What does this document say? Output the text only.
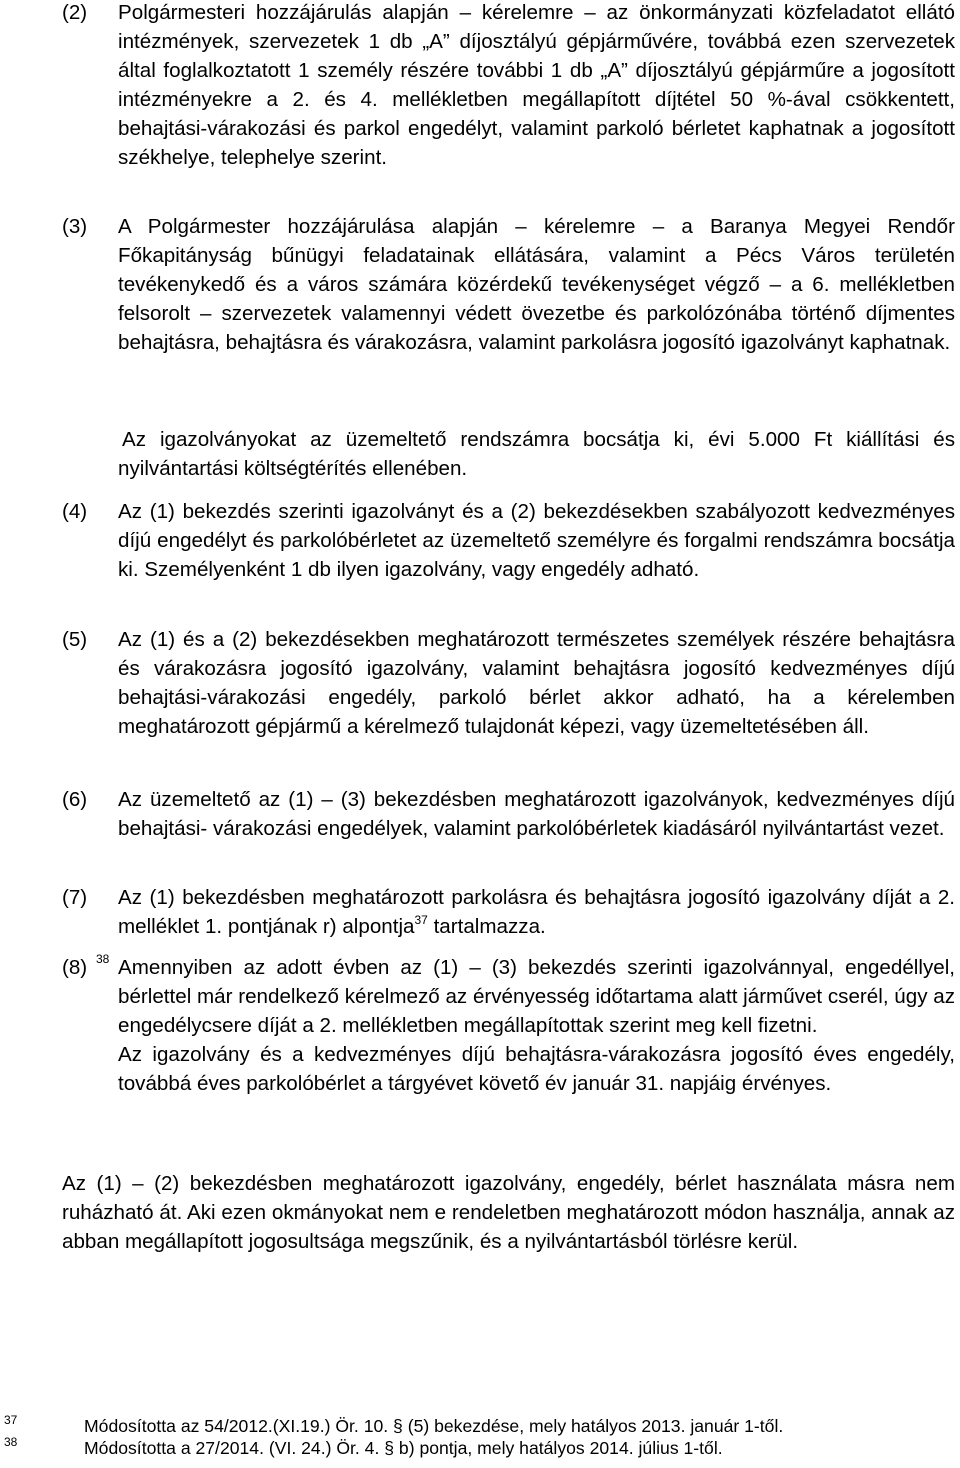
(2) Polgármesteri hozzájárulás alapján – kérelemre – az önkormányzati közfeladatot ellátó intézmények, szervezetek 1 db „A” díjosztályú gépjárművére, továbbá ezen szervezetek által foglalkoztatott 1 személy részére további 1 db „A” díjosztályú gépjárműre a jogosított intézményekre a 2. és 4. mellékletben megállapított díjtétel 50 %-ával csökkentett, behajtási-várakozási és parkol engedélyt, valamint parkoló bérletet kaphatnak a jogosított székhelye, telephelye szerint.
(3) A Polgármester hozzájárulása alapján – kérelemre – a Baranya Megyei Rendőr Főkapitányság bűnügyi feladatainak ellátására, valamint a Pécs Város területén tevékenykedő és a város számára közérdekű tevékenységet végző – a 6. mellékletben felsorolt – szervezetek valamennyi védett övezetbe és parkolózónába történő díjmentes behajtásra, behajtásra és várakozásra, valamint parkolásra jogosító igazolványt kaphatnak.
Az igazolványokat az üzemeltető rendszámra bocsátja ki, évi 5.000 Ft kiállítási és nyilvántartási költségtérítés ellenében.
(4) Az (1) bekezdés szerinti igazolványt és a (2) bekezdésekben szabályozott kedvezményes díjú engedélyt és parkolóbérletet az üzemeltető személyre és forgalmi rendszámra bocsátja ki. Személyenként 1 db ilyen igazolvány, vagy engedély adható.
(5) Az (1) és a (2) bekezdésekben meghatározott természetes személyek részére behajtásra és várakozásra jogosító igazolvány, valamint behajtásra jogosító kedvezményes díjú behajtási-várakozási engedély, parkoló bérlet akkor adható, ha a kérelemben meghatározott gépjármű a kérelmező tulajdonát képezi, vagy üzemeltetésében áll.
(6) Az üzemeltető az (1) – (3) bekezdésben meghatározott igazolványok, kedvezményes díjú behajtási- várakozási engedélyek, valamint parkolóbérletek kiadásáról nyilvántartást vezet.
(7) Az (1) bekezdésben meghatározott parkolásra és behajtásra jogosító igazolvány díját a 2. melléklet 1. pontjának r) alpontja$^{37}$ tartalmazza.
(8) 38 Amennyiben az adott évben az (1) – (3) bekezdés szerinti igazolvánnyal, engedéllyel, bérlettel már rendelkező kérelmező az érvényesség időtartama alatt járművet cserél, úgy az engedélycsere díját a 2. mellékletben megállapítottak szerint meg kell fizetni.

Az igazolvány és a kedvezményes díjú behajtásra-várakozásra jogosító éves engedély, továbbá éves parkolóbérlet a tárgyévet követő év január 31. napjáig érvényes.

Az (1) – (2) bekezdésben meghatározott igazolvány, engedély, bérlet használata másra nem ruházható át. Aki ezen okmányokat nem e rendeletben meghatározott módon használja, annak az abban megállapított jogosultsága megszűnik, és a nyilvántartásból törlésre kerül.
37	Módosította az 54/2012.(XI.19.) Ör. 10. § (5) bekezdése, mely hatályos 2013. január 1-től.
38	Módosította a 27/2014. (VI. 24.) Ör. 4. § b) pontja, mely hatályos 2014. július 1-től.
